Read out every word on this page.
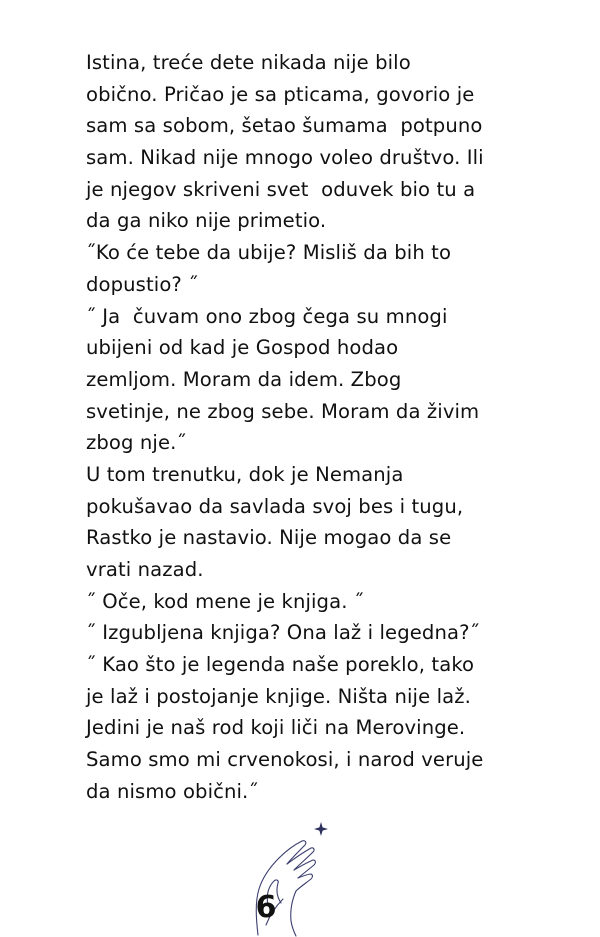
Istina, treće dete nikada nije bilo
obično. Pričao je sa pticama, govorio je
sam sa sobom, šetao šumama  potpuno
sam. Nikad nije mnogo voleo društvo. Ili
je njegov skriveni svet  oduvek bio tu a
da ga niko nije primetio.
˝Ko će tebe da ubije? Misliš da bih to
dopustio? ˝
˝ Ja  čuvam ono zbog čega su mnogi
ubijeni od kad je Gospod hodao
zemljom. Moram da idem. Zbog
svetinje, ne zbog sebe. Moram da živim
zbog nje.˝
U tom trenutku, dok je Nemanja
pokušavao da savlada svoj bes i tugu,
Rastko je nastavio. Nije mogao da se
vrati nazad.
˝ Oče, kod mene je knjiga. ˝
˝ Izgubljena knjiga? Ona laž i legedna?˝
˝ Kao što je legenda naše poreklo, tako
je laž i postojanje knjige. Ništa nije laž.
Jedini je naš rod koji liči na Merovinge.
Samo smo mi crvenokosi, i narod veruje
da nismo obični.˝
6
